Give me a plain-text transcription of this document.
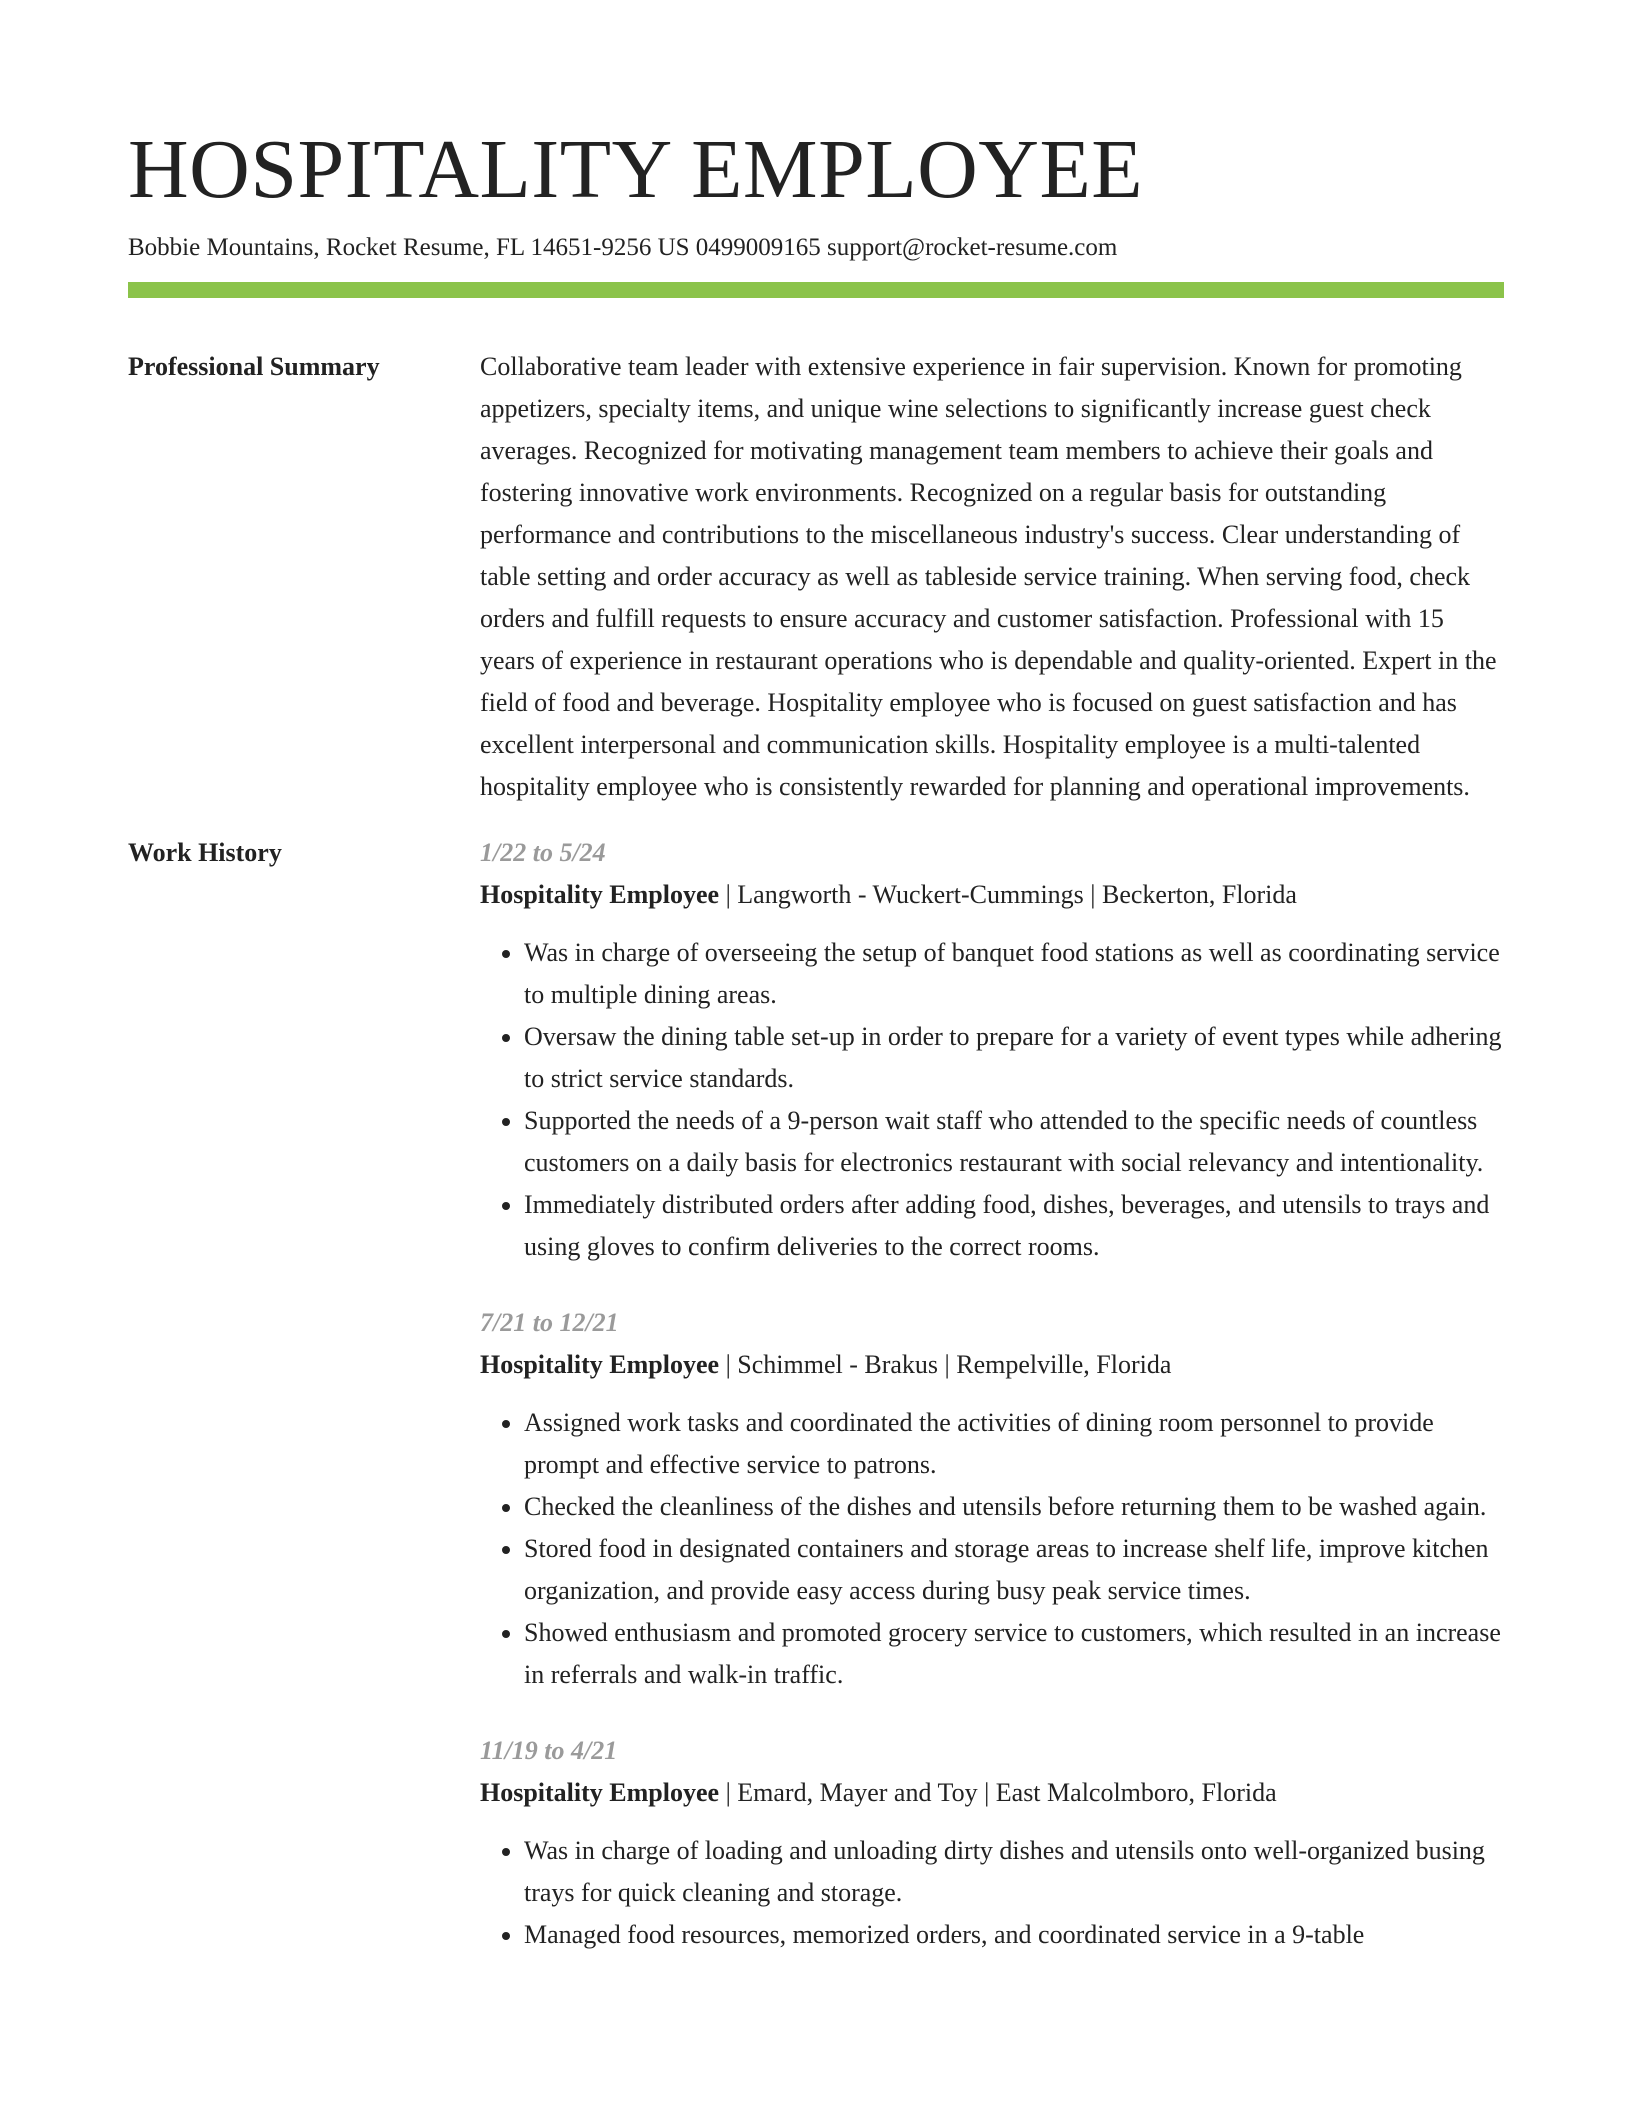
HOSPITALITY EMPLOYEE
Bobbie Mountains, Rocket Resume, FL 14651-9256 US 0499009165 support@rocket-resume.com
Professional Summary	Collaborative team leader with extensive experience in fair supervision. Known for promoting appetizers, specialty items, and unique wine selections to significantly increase guest check averages. Recognized for motivating management team members to achieve their goals and fostering innovative work environments. Recognized on a regular basis for outstanding performance and contributions to the miscellaneous industry's success. Clear understanding of table setting and order accuracy as well as tableside service training. When serving food, check orders and fulfill requests to ensure accuracy and customer satisfaction. Professional with 15 years of experience in restaurant operations who is dependable and quality-oriented. Expert in the field of food and beverage. Hospitality employee who is focused on guest satisfaction and has excellent interpersonal and communication skills. Hospitality employee is a multi-talented hospitality employee who is consistently rewarded for planning and operational improvements.

Work History	1/22 to 5/24
Hospitality Employee | Langworth - Wuckert-Cummings | Beckerton, Florida
• Was in charge of overseeing the setup of banquet food stations as well as coordinating service to multiple dining areas.
• Oversaw the dining table set-up in order to prepare for a variety of event types while adhering to strict service standards.
• Supported the needs of a 9-person wait staff who attended to the specific needs of countless customers on a daily basis for electronics restaurant with social relevancy and intentionality.
• Immediately distributed orders after adding food, dishes, beverages, and utensils to trays and using gloves to confirm deliveries to the correct rooms.
7/21 to 12/21
Hospitality Employee | Schimmel - Brakus | Rempelville, Florida
• Assigned work tasks and coordinated the activities of dining room personnel to provide prompt and effective service to patrons.
• Checked the cleanliness of the dishes and utensils before returning them to be washed again.
• Stored food in designated containers and storage areas to increase shelf life, improve kitchen organization, and provide easy access during busy peak service times.
• Showed enthusiasm and promoted grocery service to customers, which resulted in an increase in referrals and walk-in traffic.
11/19 to 4/21
Hospitality Employee | Emard, Mayer and Toy | East Malcolmboro, Florida
• Was in charge of loading and unloading dirty dishes and utensils onto well-organized busing trays for quick cleaning and storage.
• Managed food resources, memorized orders, and coordinated service in a 9-table
